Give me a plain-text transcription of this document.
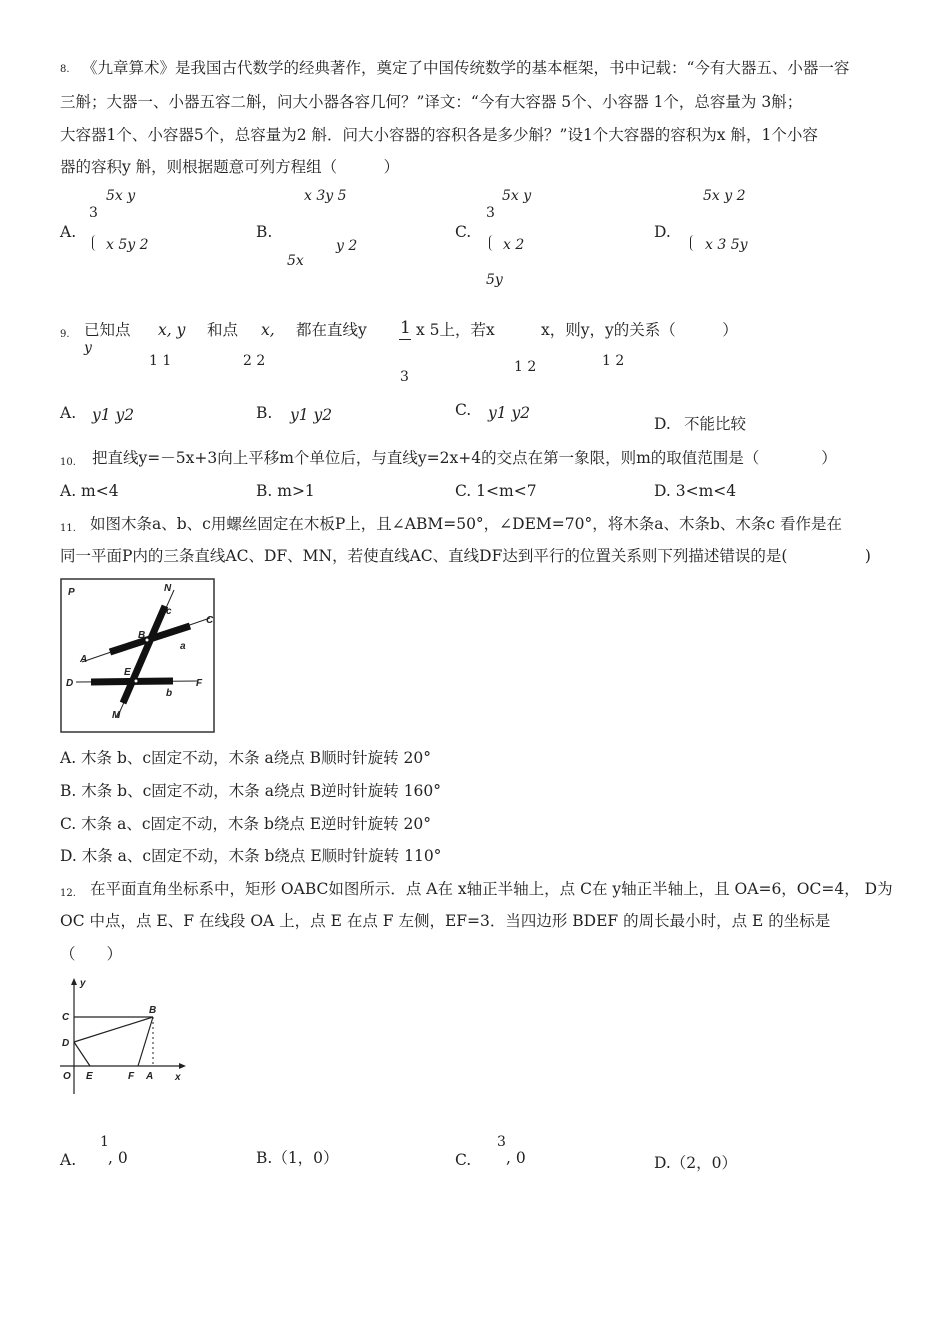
8. 《九章算术》是我国古代数学的经典著作，奠定了中国传统数学的基本框架，书中记载：“今有大器五、小器一容
三斛；大器一、小器五容二斛，问大小器各容几何？”译文：“今有大容器 5个、小容器 1个，总容量为 3斛；
大容器1个、小容器5个，总容量为2 斛．问大小容器的容积各是多少斛？”设1个大容器的容积为x 斛，1个小容
器的容积y 斛，则根据题意可列方程组（　　　）
A.
5x y
3
x 5y 2
B.
x 3y 5
y 2
5x
C.
5x y
3
x 2
5y
D.
5x y 2
x 3 5y
9. 已知点 x, y 和点 x, 都在直线y 1
3
x 5上，若x	x，则y，y的关系（　　　）
y
1 1	2 2	1 2	1 2
A. y1 y2	B. y1 y2	C. y1 y2
D. 不能比较
10. 把直线y=－5x+3向上平移m个单位后，与直线y=2x+4的交点在第一象限，则m的取值范围是（　　　　）
A. m<4	B. m>1	C. 1<m<7	D. 3<m<4
11. 如图木条a、b、c用螺丝固定在木板P上，且∠ABM=50°，∠DEM=70°，将木条a、木条b、木条c 看作是在
同一平面P内的三条直线AC、DF、MN，若使直线AC、直线DF达到平行的位置关系则下列描述错误的是(　　　　　)
P	N
c
C
B
a
A
E
D	F
b
M
A. 木条 b、c固定不动，木条 a绕点 B顺时针旋转 20°
B. 木条 b、c固定不动，木条 a绕点 B逆时针旋转 160°
C. 木条 a、c固定不动，木条 b绕点 E逆时针旋转 20°
D. 木条 a、c固定不动，木条 b绕点 E顺时针旋转 110°
12. 在平面直角坐标系中，矩形 OABC如图所示．点 A在 x轴正半轴上，点 C在 y轴正半轴上，且 OA=6，OC=4， D为
OC 中点，点 E、F 在线段 OA 上，点 E 在点 F 左侧，EF=3．当四边形 BDEF 的周长最小时，点 E 的坐标是
（　　）
y
x
C
B
D
O E	F A
A.
1
, 0	B.（1，0）	C.
3
, 0	D.（2，0）
